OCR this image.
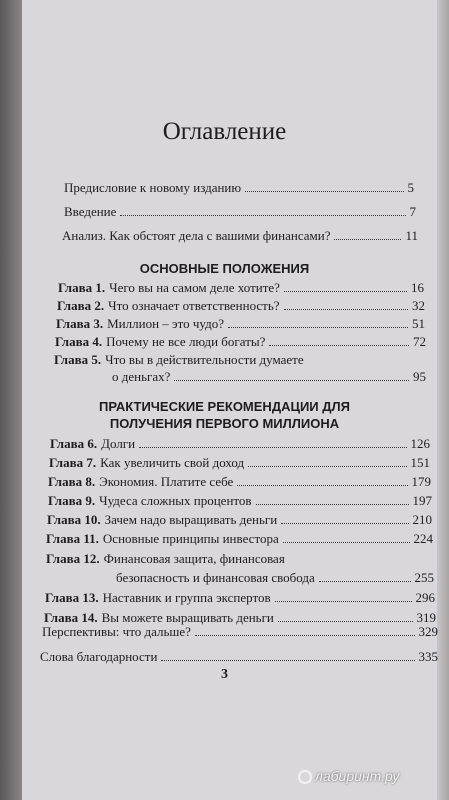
Оглавление
Предисловие к новому изданию	5
Введение	7
Анализ. Как обстоят дела с вашими финансами?	11
ОСНОВНЫЕ ПОЛОЖЕНИЯ
Глава 1. Чего вы на самом деле хотите?	16
Глава 2. Что означает ответственность?	32
Глава 3. Миллион – это чудо?	51
Глава 4. Почему не все люди богаты?	72
Глава 5. Что вы в действительности думаете
о деньгах?	95
ПРАКТИЧЕСКИЕ РЕКОМЕНДАЦИИ ДЛЯ
ПОЛУЧЕНИЯ ПЕРВОГО МИЛЛИОНА
Глава 6. Долги	126
Глава 7. Как увеличить свой доход	151
Глава 8. Экономия. Платите себе	179
Глава 9. Чудеса сложных процентов	197
Глава 10. Зачем надо выращивать деньги	210
Глава 11. Основные принципы инвестора	224
Глава 12. Финансовая защита, финансовая
безопасность и финансовая свобода	255
Глава 13. Наставник и группа экспертов	296
Глава 14. Вы можете выращивать деньги	319
Перспективы: что дальше?	329
Слова благодарности	335
3
лабиринт.ру
